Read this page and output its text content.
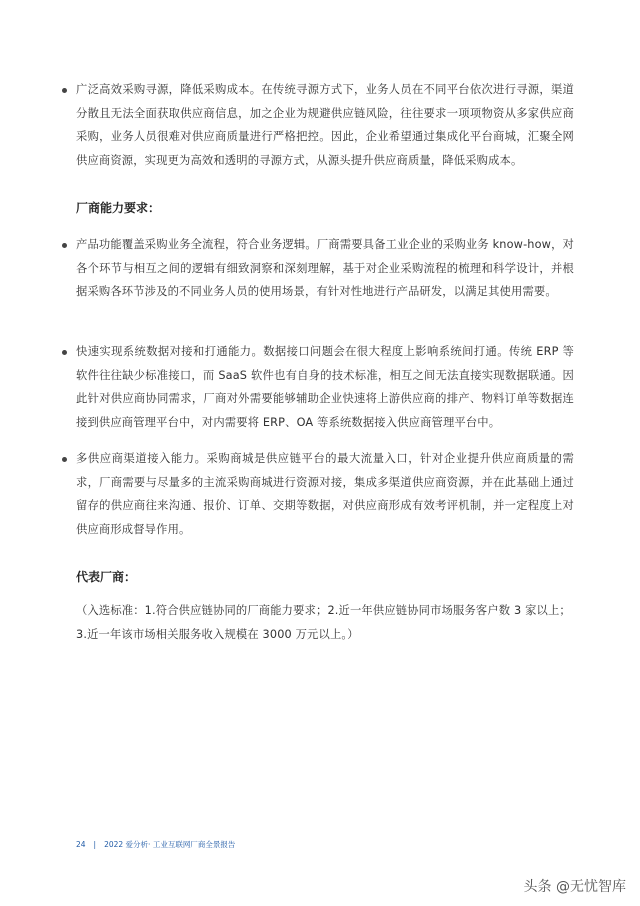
广泛高效采购寻源，降低采购成本。在传统寻源方式下，业务人员在不同平台依次进行寻源，渠道分散且无法全面获取供应商信息，加之企业为规避供应链风险，往往要求一项项物资从多家供应商采购，业务人员很难对供应商质量进行严格把控。因此，企业希望通过集成化平台商城，汇聚全网供应商资源，实现更为高效和透明的寻源方式，从源头提升供应商质量，降低采购成本。
厂商能力要求：
产品功能覆盖采购业务全流程，符合业务逻辑。厂商需要具备工业企业的采购业务 know-how，对各个环节与相互之间的逻辑有细致洞察和深刻理解，基于对企业采购流程的梳理和科学设计，并根据采购各环节涉及的不同业务人员的使用场景，有针对性地进行产品研发，以满足其使用需要。
快速实现系统数据对接和打通能力。数据接口问题会在很大程度上影响系统间打通。传统 ERP 等软件往往缺少标准接口，而 SaaS 软件也有自身的技术标准，相互之间无法直接实现数据联通。因此针对供应商协同需求，厂商对外需要能够辅助企业快速将上游供应商的排产、物料订单等数据连接到供应商管理平台中，对内需要将 ERP、OA 等系统数据接入供应商管理平台中。
多供应商渠道接入能力。采购商城是供应链平台的最大流量入口，针对企业提升供应商质量的需求，厂商需要与尽量多的主流采购商城进行资源对接，集成多渠道供应商资源，并在此基础上通过留存的供应商往来沟通、报价、订单、交期等数据，对供应商形成有效考评机制，并一定程度上对供应商形成督导作用。
代表厂商：
（入选标准：1.符合供应链协同的厂商能力要求；2.近一年供应链协同市场服务客户数 3 家以上；3.近一年该市场相关服务收入规模在 3000 万元以上。）
24 | 2022 爱分析· 工业互联网厂商全景报告
头条 @无忧智库
